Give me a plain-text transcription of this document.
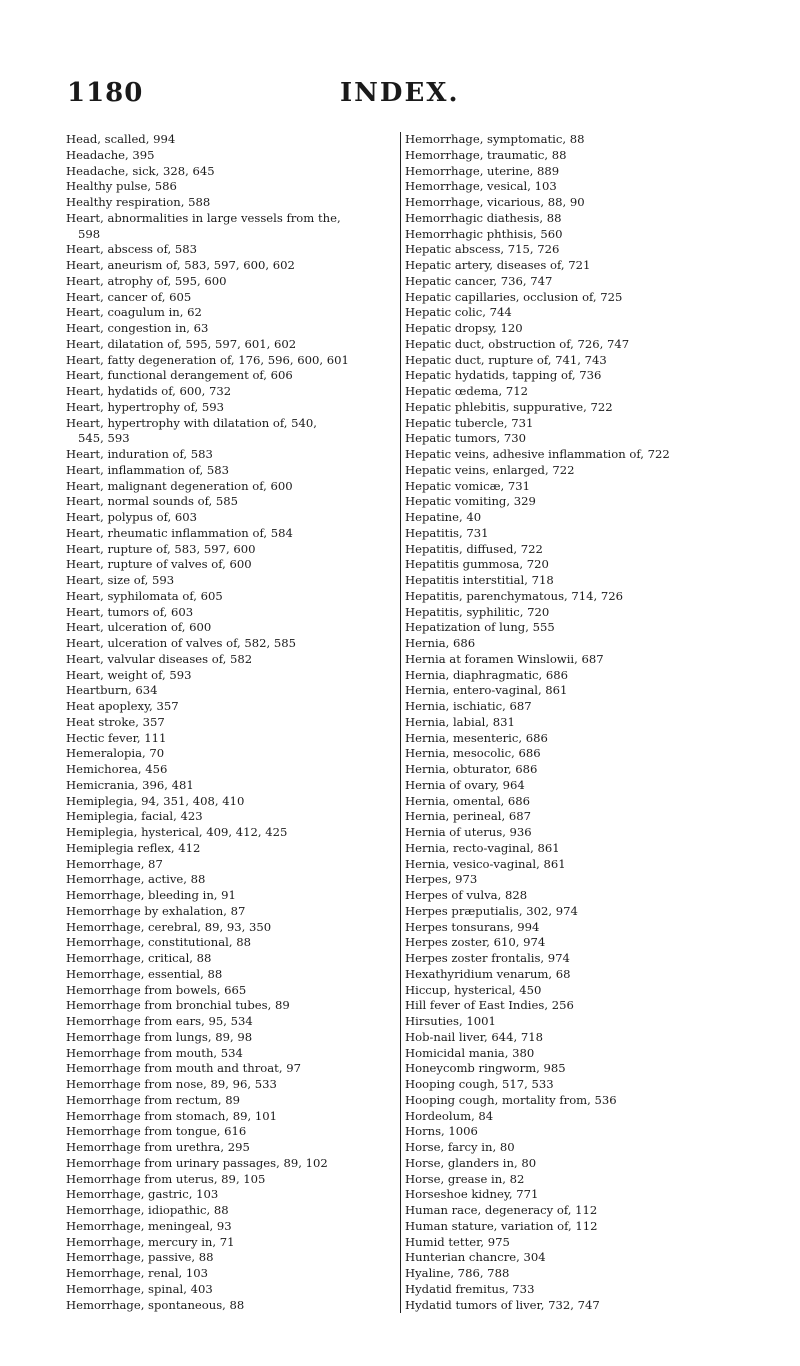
1180	INDEX.
Head, scalled, 994
Headache, 395
Headache, sick, 328, 645
Healthy pulse, 586
Healthy respiration, 588
Heart, abnormalities in large vessels from the,
598
Heart, abscess of, 583
Heart, aneurism of, 583, 597, 600, 602
Heart, atrophy of, 595, 600
Heart, cancer of, 605
Heart, coagulum in, 62
Heart, congestion in, 63
Heart, dilatation of, 595, 597, 601, 602
Heart, fatty degeneration of, 176, 596, 600, 601
Heart, functional derangement of, 606
Heart, hydatids of, 600, 732
Heart, hypertrophy of, 593
Heart, hypertrophy with dilatation of, 540,
545, 593
Heart, induration of, 583
Heart, inflammation of, 583
Heart, malignant degeneration of, 600
Heart, normal sounds of, 585
Heart, polypus of, 603
Heart, rheumatic inflammation of, 584
Heart, rupture of, 583, 597, 600
Heart, rupture of valves of, 600
Heart, size of, 593
Heart, syphilomata of, 605
Heart, tumors of, 603
Heart, ulceration of, 600
Heart, ulceration of valves of, 582, 585
Heart, valvular diseases of, 582
Heart, weight of, 593
Heartburn, 634
Heat apoplexy, 357
Heat stroke, 357
Hectic fever, 111
Hemeralopia, 70
Hemichorea, 456
Hemicrania, 396, 481
Hemiplegia, 94, 351, 408, 410
Hemiplegia, facial, 423
Hemiplegia, hysterical, 409, 412, 425
Hemiplegia reflex, 412
Hemorrhage, 87
Hemorrhage, active, 88
Hemorrhage, bleeding in, 91
Hemorrhage by exhalation, 87
Hemorrhage, cerebral, 89, 93, 350
Hemorrhage, constitutional, 88
Hemorrhage, critical, 88
Hemorrhage, essential, 88
Hemorrhage from bowels, 665
Hemorrhage from bronchial tubes, 89
Hemorrhage from ears, 95, 534
Hemorrhage from lungs, 89, 98
Hemorrhage from mouth, 534
Hemorrhage from mouth and throat, 97
Hemorrhage from nose, 89, 96, 533
Hemorrhage from rectum, 89
Hemorrhage from stomach, 89, 101
Hemorrhage from tongue, 616
Hemorrhage from urethra, 295
Hemorrhage from urinary passages, 89, 102
Hemorrhage from uterus, 89, 105
Hemorrhage, gastric, 103
Hemorrhage, idiopathic, 88
Hemorrhage, meningeal, 93
Hemorrhage, mercury in, 71
Hemorrhage, passive, 88
Hemorrhage, renal, 103
Hemorrhage, spinal, 403
Hemorrhage, spontaneous, 88
Hemorrhage, symptomatic, 88
Hemorrhage, traumatic, 88
Hemorrhage, uterine, 889
Hemorrhage, vesical, 103
Hemorrhage, vicarious, 88, 90
Hemorrhagic diathesis, 88
Hemorrhagic phthisis, 560
Hepatic abscess, 715, 726
Hepatic artery, diseases of, 721
Hepatic cancer, 736, 747
Hepatic capillaries, occlusion of, 725
Hepatic colic, 744
Hepatic dropsy, 120
Hepatic duct, obstruction of, 726, 747
Hepatic duct, rupture of, 741, 743
Hepatic hydatids, tapping of, 736
Hepatic œdema, 712
Hepatic phlebitis, suppurative, 722
Hepatic tubercle, 731
Hepatic tumors, 730
Hepatic veins, adhesive inflammation of, 722
Hepatic veins, enlarged, 722
Hepatic vomicæ, 731
Hepatic vomiting, 329
Hepatine, 40
Hepatitis, 731
Hepatitis, diffused, 722
Hepatitis gummosa, 720
Hepatitis interstitial, 718
Hepatitis, parenchymatous, 714, 726
Hepatitis, syphilitic, 720
Hepatization of lung, 555
Hernia, 686
Hernia at foramen Winslowii, 687
Hernia, diaphragmatic, 686
Hernia, entero-vaginal, 861
Hernia, ischiatic, 687
Hernia, labial, 831
Hernia, mesenteric, 686
Hernia, mesocolic, 686
Hernia, obturator, 686
Hernia of ovary, 964
Hernia, omental, 686
Hernia, perineal, 687
Hernia of uterus, 936
Hernia, recto-vaginal, 861
Hernia, vesico-vaginal, 861
Herpes, 973
Herpes of vulva, 828
Herpes præputialis, 302, 974
Herpes tonsurans, 994
Herpes zoster, 610, 974
Herpes zoster frontalis, 974
Hexathyridium venarum, 68
Hiccup, hysterical, 450
Hill fever of East Indies, 256
Hirsuties, 1001
Hob-nail liver, 644, 718
Homicidal mania, 380
Honeycomb ringworm, 985
Hooping cough, 517, 533
Hooping cough, mortality from, 536
Hordeolum, 84
Horns, 1006
Horse, farcy in, 80
Horse, glanders in, 80
Horse, grease in, 82
Horseshoe kidney, 771
Human race, degeneracy of, 112
Human stature, variation of, 112
Humid tetter, 975
Hunterian chancre, 304
Hyaline, 786, 788
Hydatid fremitus, 733
Hydatid tumors of liver, 732, 747
